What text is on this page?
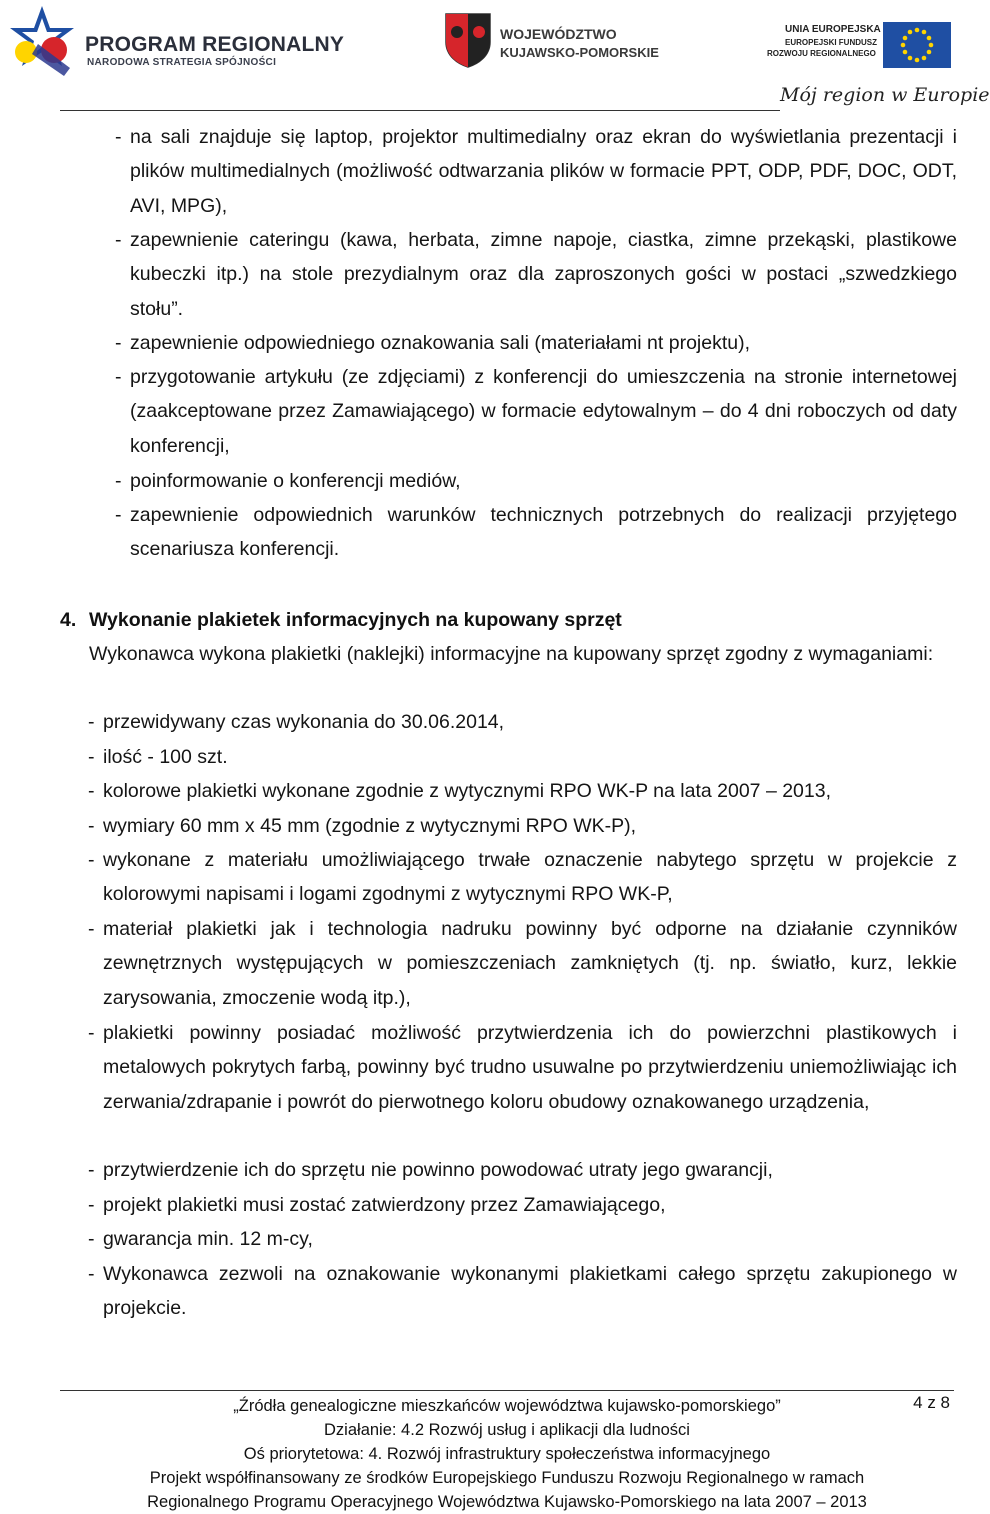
PROGRAM REGIONALNY
NARODOWA STRATEGIA SPÓJNOŚCI
WOJEWÓDZTWO
KUJAWSKO-POMORSKIE
UNIA EUROPEJSKA
EUROPEJSKI FUNDUSZ
ROZWOJU REGIONALNEGO
Mój region w Europie
- na sali znajduje się laptop, projektor multimedialny oraz ekran do wyświetlania prezentacji i plików multimedialnych (możliwość odtwarzania plików w formacie PPT, ODP, PDF, DOC, ODT, AVI, MPG),
- zapewnienie cateringu (kawa, herbata, zimne napoje, ciastka, zimne przekąski, plastikowe kubeczki itp.) na stole prezydialnym oraz dla zaproszonych gości w postaci „szwedzkiego stołu”.
- zapewnienie odpowiedniego oznakowania sali (materiałami nt projektu),
- przygotowanie artykułu (ze zdjęciami) z konferencji do umieszczenia na stronie internetowej (zaakceptowane przez Zamawiającego) w formacie edytowalnym – do 4 dni roboczych od daty konferencji,
- poinformowanie o konferencji mediów,
- zapewnienie odpowiednich warunków technicznych potrzebnych do realizacji przyjętego scenariusza konferencji.
4. Wykonanie plakietek informacyjnych na kupowany sprzęt
Wykonawca wykona plakietki (naklejki) informacyjne na kupowany sprzęt zgodny z wymaganiami:
- przewidywany czas wykonania do 30.06.2014,
- ilość - 100 szt.
- kolorowe plakietki wykonane zgodnie z wytycznymi RPO WK-P na lata 2007 – 2013,
- wymiary 60 mm x 45 mm (zgodnie z wytycznymi RPO WK-P),
- wykonane z materiału umożliwiającego trwałe oznaczenie nabytego sprzętu w projekcie z kolorowymi napisami i logami zgodnymi z wytycznymi RPO WK-P,
- materiał plakietki jak i technologia nadruku powinny być odporne na działanie czynników zewnętrznych występujących w pomieszczeniach zamkniętych (tj. np. światło, kurz, lekkie zarysowania, zmoczenie wodą itp.),
- plakietki powinny posiadać możliwość przytwierdzenia ich do powierzchni plastikowych i metalowych pokrytych farbą, powinny być trudno usuwalne po przytwierdzeniu uniemożliwiając ich zerwania/zdrapanie i powrót do pierwotnego koloru obudowy oznakowanego urządzenia,
- przytwierdzenie ich do sprzętu nie powinno powodować utraty jego gwarancji,
- projekt plakietki musi zostać zatwierdzony przez Zamawiającego,
- gwarancja min. 12 m-cy,
- Wykonawca zezwoli na oznakowanie wykonanymi plakietkami całego sprzętu zakupionego w projekcie.
„Źródła genealogiczne mieszkańców województwa kujawsko-pomorskiego”
Działanie: 4.2 Rozwój usług i aplikacji dla ludności
Oś priorytetowa: 4. Rozwój infrastruktury społeczeństwa informacyjnego
Projekt współfinansowany ze środków Europejskiego Funduszu Rozwoju Regionalnego w ramach
Regionalnego Programu Operacyjnego Województwa Kujawsko-Pomorskiego na lata 2007 – 2013
4 z 8
